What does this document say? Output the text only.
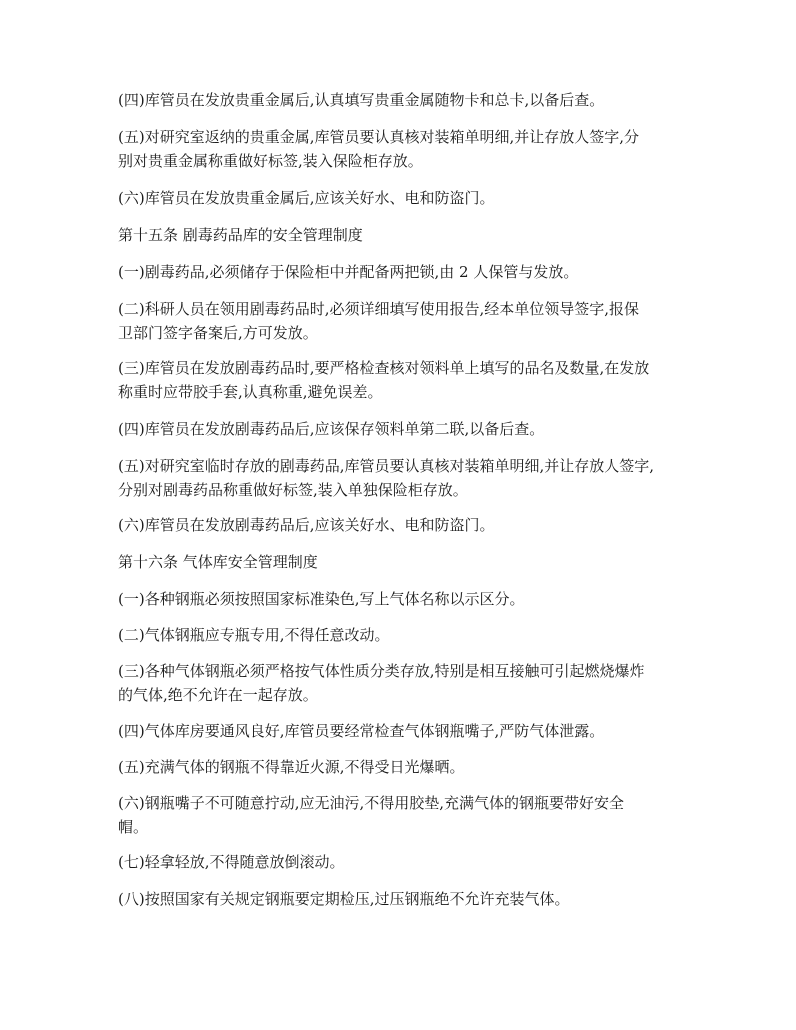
(四)库管员在发放贵重金属后,认真填写贵重金属随物卡和总卡,以备后查。

(五)对研究室返纳的贵重金属,库管员要认真核对装箱单明细,并让存放人签字,分
别对贵重金属称重做好标签,装入保险柜存放。

(六)库管员在发放贵重金属后,应该关好水、电和防盗门。

第十五条 剧毒药品库的安全管理制度

(一)剧毒药品,必须储存于保险柜中并配备两把锁,由 2 人保管与发放。

(二)科研人员在领用剧毒药品时,必须详细填写使用报告,经本单位领导签字,报保
卫部门签字备案后,方可发放。

(三)库管员在发放剧毒药品时,要严格检查核对领料单上填写的品名及数量,在发放
称重时应带胶手套,认真称重,避免误差。

(四)库管员在发放剧毒药品后,应该保存领料单第二联,以备后查。

(五)对研究室临时存放的剧毒药品,库管员要认真核对装箱单明细,并让存放人签字,
分别对剧毒药品称重做好标签,装入单独保险柜存放。

(六)库管员在发放剧毒药品后,应该关好水、电和防盗门。

第十六条 气体库安全管理制度

(一)各种钢瓶必须按照国家标准染色,写上气体名称以示区分。

(二)气体钢瓶应专瓶专用,不得任意改动。

(三)各种气体钢瓶必须严格按气体性质分类存放,特别是相互接触可引起燃烧爆炸
的气体,绝不允许在一起存放。

(四)气体库房要通风良好,库管员要经常检查气体钢瓶嘴子,严防气体泄露。

(五)充满气体的钢瓶不得靠近火源,不得受日光爆晒。

(六)钢瓶嘴子不可随意拧动,应无油污,不得用胶垫,充满气体的钢瓶要带好安全
帽。

(七)轻拿轻放,不得随意放倒滚动。

(八)按照国家有关规定钢瓶要定期检压,过压钢瓶绝不允许充装气体。
